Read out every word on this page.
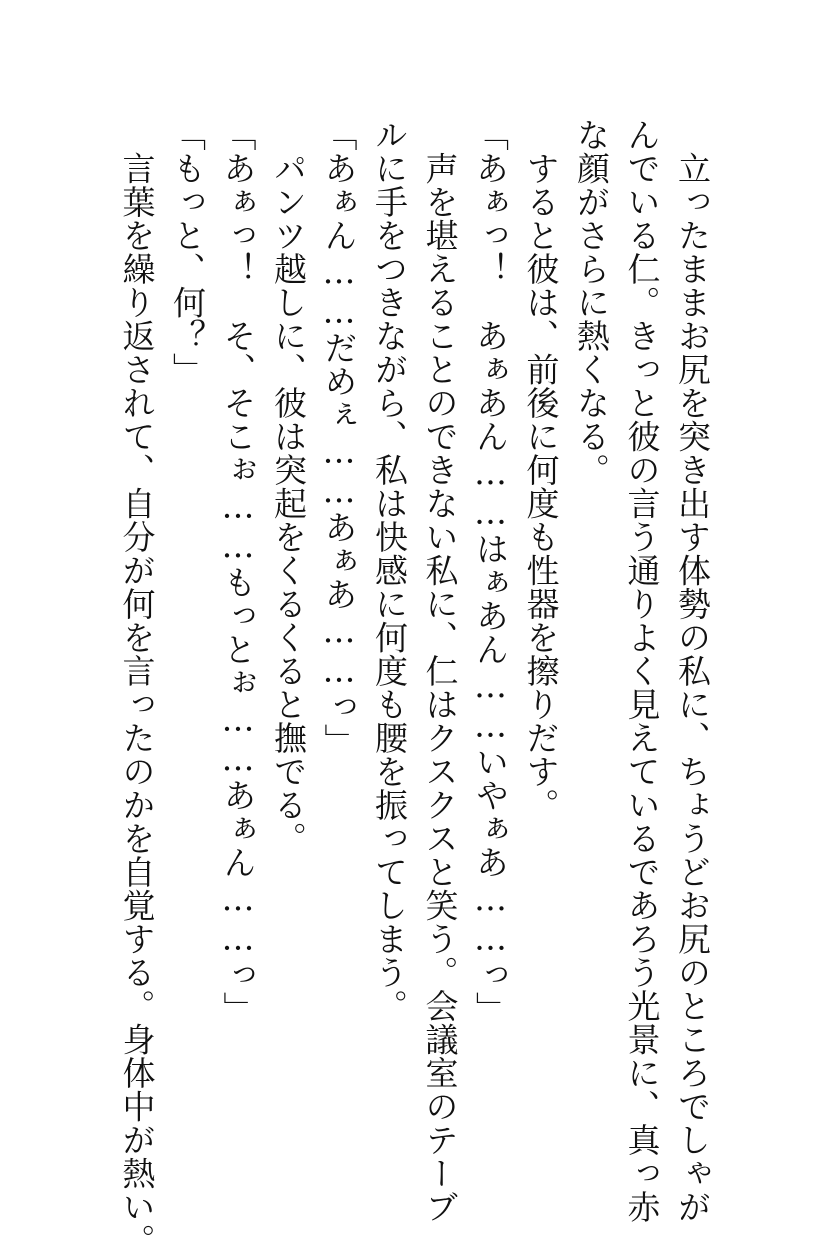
　立ったままお尻を突き出す体勢の私に、ちょうどお尻のところでしゃが

んでいる仁。きっと彼の言う通りよく見えているであろう光景に、真っ赤

な顔がさらに熱くなる。

　すると彼は、前後に何度も性器を擦りだす。

「あぁっ！　あぁあん……はぁあん……いやぁあ……っ」

　声を堪えることのできない私に、仁はクスクスと笑う。会議室のテーブ

ルに手をつきながら、私は快感に何度も腰を振ってしまう。

「あぁん……だめぇ……あぁあ……っ」

　パンツ越しに、彼は突起をくるくると撫でる。

「あぁっ！　そ、そこぉ……もっとぉ……あぁん……っ」

「もっと、何？」

　言葉を繰り返されて、自分が何を言ったのかを自覚する。身体中が熱い。
